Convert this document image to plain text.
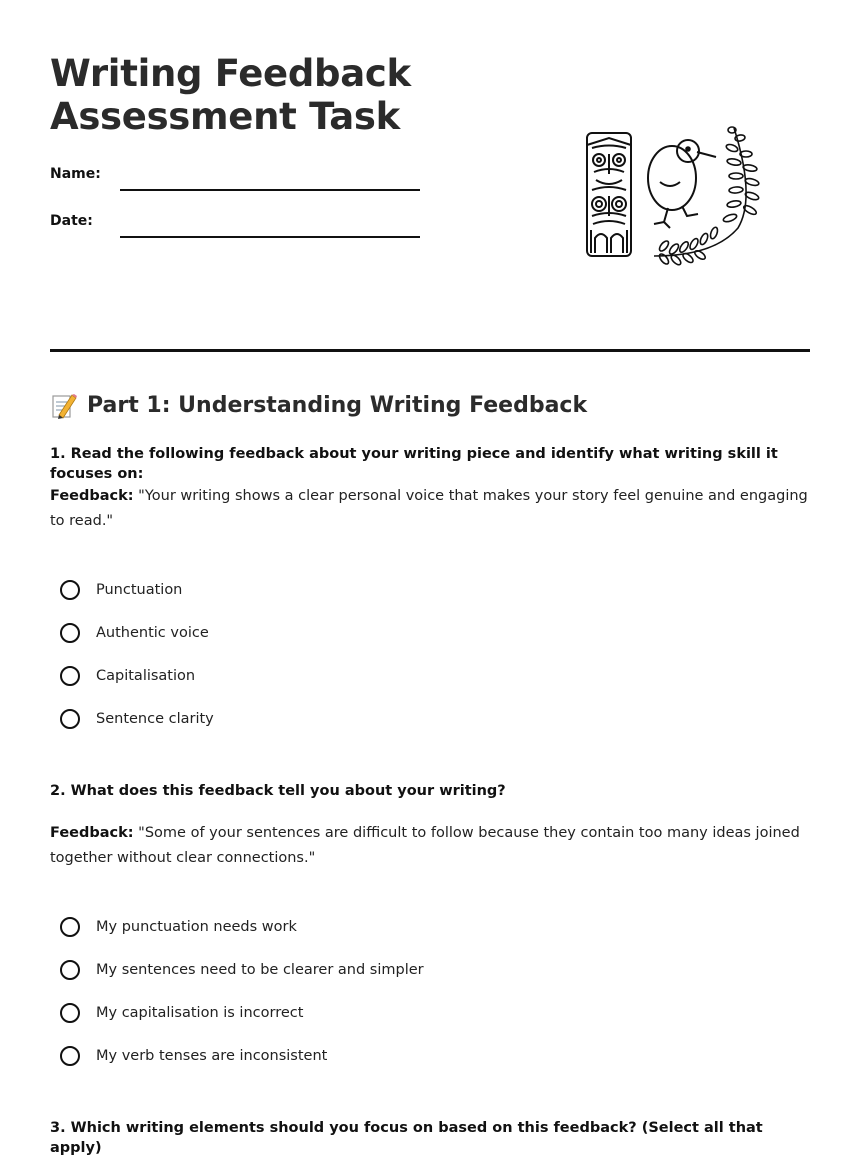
Writing Feedback
Assessment Task
Name:
Date:
Part 1: Understanding Writing Feedback

1. Read the following feedback about your writing piece and identify what writing skill it focuses on:

Feedback: "Your writing shows a clear personal voice that makes your story feel genuine and engaging to read."

Punctuation
Authentic voice
Capitalisation
Sentence clarity

2. What does this feedback tell you about your writing?

Feedback: "Some of your sentences are difficult to follow because they contain too many ideas joined together without clear connections."

My punctuation needs work
My sentences need to be clearer and simpler
My capitalisation is incorrect
My verb tenses are inconsistent

3. Which writing elements should you focus on based on this feedback? (Select all that apply)
